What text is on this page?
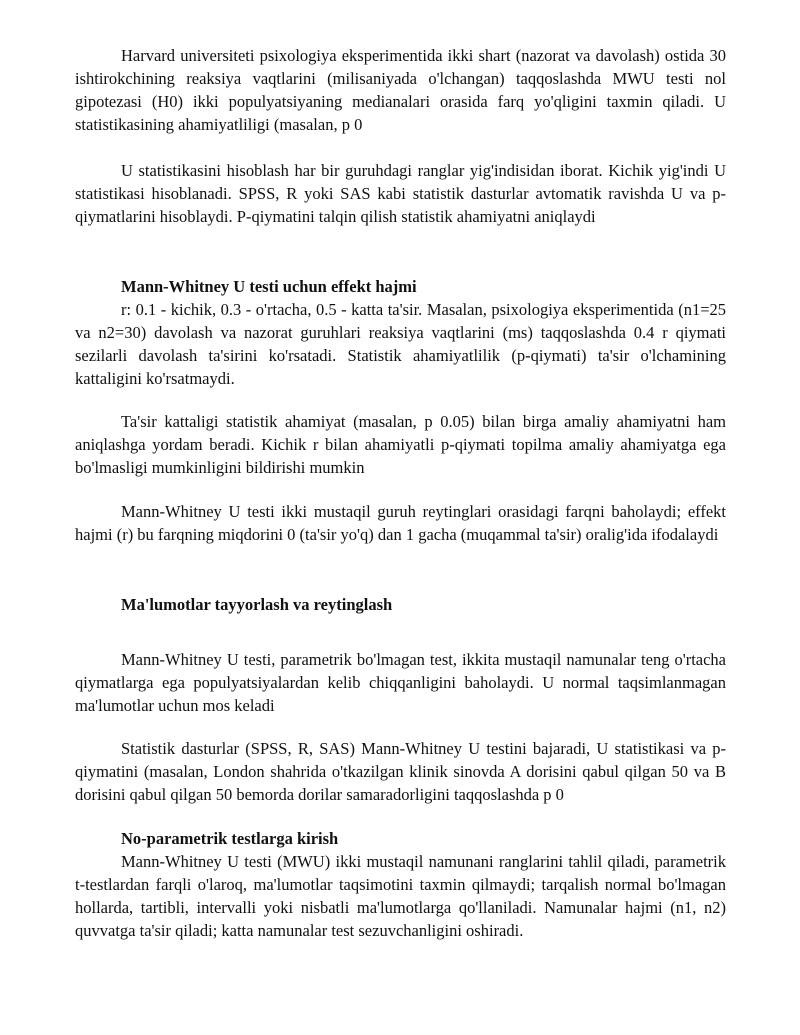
Harvard universiteti psixologiya eksperimentida ikki shart (nazorat va davolash) ostida 30 ishtirokchining reaksiya vaqtlarini (milisaniyada o'lchangan) taqqoslashda MWU testi nol gipotezasi (H0) ikki populyatsiyaning medianalari orasida farq yo'qligini taxmin qiladi. U statistikasining ahamiyatliligi (masalan, p 0
U statistikasini hisoblash har bir guruhdagi ranglar yig'indisidan iborat. Kichik yig'indi U statistikasi hisoblanadi. SPSS, R yoki SAS kabi statistik dasturlar avtomatik ravishda U va p-qiymatlarini hisoblaydi. P-qiymatini talqin qilish statistik ahamiyatni aniqlaydi
Mann-Whitney U testi uchun effekt hajmi
r: 0.1 - kichik, 0.3 - o'rtacha, 0.5 - katta ta'sir. Masalan, psixologiya eksperimentida (n1=25 va n2=30) davolash va nazorat guruhlari reaksiya vaqtlarini (ms) taqqoslashda 0.4 r qiymati sezilarli davolash ta'sirini ko'rsatadi. Statistik ahamiyatlilik (p-qiymati) ta'sir o'lchamining kattaligini ko'rsatmaydi.
Ta'sir kattaligi statistik ahamiyat (masalan, p 0.05) bilan birga amaliy ahamiyatni ham aniqlashga yordam beradi. Kichik r bilan ahamiyatli p-qiymati topilma amaliy ahamiyatga ega bo'lmasligi mumkinligini bildirishi mumkin
Mann-Whitney U testi ikki mustaqil guruh reytinglari orasidagi farqni baholaydi; effekt hajmi (r) bu farqning miqdorini 0 (ta'sir yo'q) dan 1 gacha (muqammal ta'sir) oralig'ida ifodalaydi
Ma'lumotlar tayyorlash va reytinglash
Mann-Whitney U testi, parametrik bo'lmagan test, ikkita mustaqil namunalar teng o'rtacha qiymatlarga ega populyatsiyalardan kelib chiqqanligini baholaydi. U normal taqsimlanmagan ma'lumotlar uchun mos keladi
Statistik dasturlar (SPSS, R, SAS) Mann-Whitney U testini bajaradi, U statistikasi va p-qiymatini (masalan, London shahrida o'tkazilgan klinik sinovda A dorisini qabul qilgan 50 va B dorisini qabul qilgan 50 bemorda dorilar samaradorligini taqqoslashda p 0
No-parametrik testlarga kirish
Mann-Whitney U testi (MWU) ikki mustaqil namunani ranglarini tahlil qiladi, parametrik t-testlardan farqli o'laroq, ma'lumotlar taqsimotini taxmin qilmaydi; tarqalish normal bo'lmagan hollarda, tartibli, intervalli yoki nisbatli ma'lumotlarga qo'llaniladi. Namunalar hajmi (n1, n2) quvvatga ta'sir qiladi; katta namunalar test sezuvchanligini oshiradi.
